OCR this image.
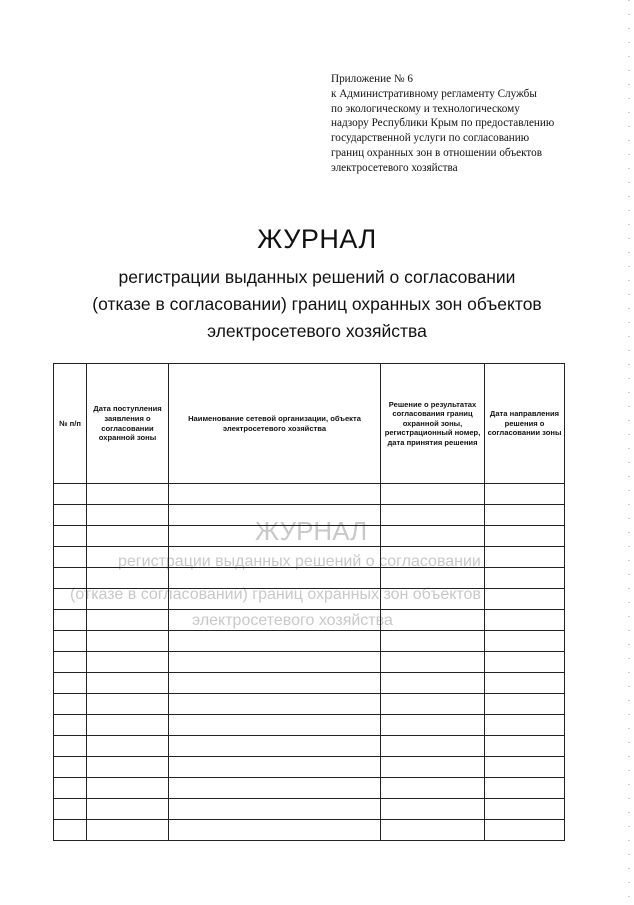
ЖУРНАЛ
регистрации выданных решений о согласовании
(отказе в согласовании) границ охранных зон объектов
электросетевого хозяйства
Приложение № 6
к Административному регламенту Службы
по экологическому и технологическому
надзору Республики Крым по предоставлению
государственной услуги по согласованию
границ охранных зон в отношении объектов
электросетевого хозяйства
ЖУРНАЛ
регистрации выданных решений о согласовании
(отказе в согласовании) границ охранных зон объектов
электросетевого хозяйства
№ п/п	Дата поступления заявления о согласовании охранной зоны	Наименование сетевой организации, объекта электросетевого хозяйства	Решение о результатах согласования границ охранной зоны, регистрационный номер, дата принятия решения	Дата направления решения о согласовании зоны
